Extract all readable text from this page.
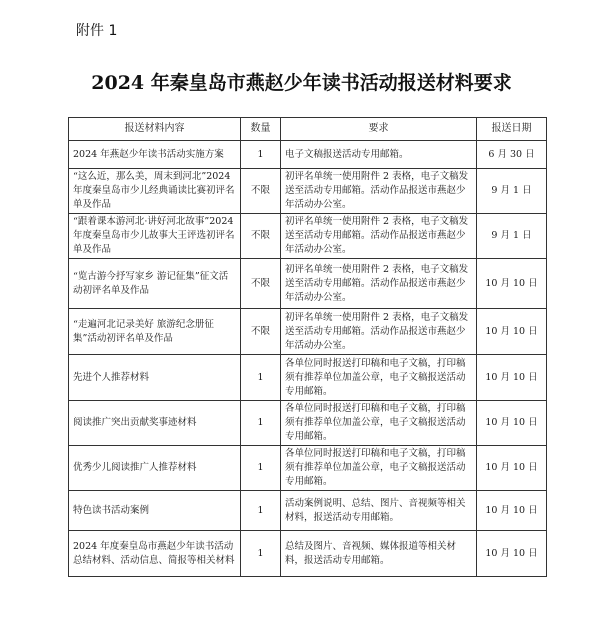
附件 1
2024 年秦皇岛市燕赵少年读书活动报送材料要求
报送材料内容	数量	要求	报送日期
2024 年燕赵少年读书活动实施方案	1	电子文稿报送活动专用邮箱。	6 月 30 日
“这么近，那么美，周末到河北”2024 年度秦皇岛市少儿经典诵读比赛初评名单及作品	不限	初评名单统一使用附件 2 表格，电子文稿发送至活动专用邮箱。活动作品报送市燕赵少年活动办公室。	9 月 1 日
“跟着课本游河北·讲好河北故事”2024 年度秦皇岛市少儿故事大王评选初评名单及作品	不限	初评名单统一使用附件 2 表格，电子文稿发送至活动专用邮箱。活动作品报送市燕赵少年活动办公室。	9 月 1 日
“览古游今抒写家乡 游记征集”征文活动初评名单及作品	不限	初评名单统一使用附件 2 表格，电子文稿发送至活动专用邮箱。活动作品报送市燕赵少年活动办公室。	10 月 10 日
“走遍河北记录美好 旅游纪念册征集”活动初评名单及作品	不限	初评名单统一使用附件 2 表格，电子文稿发送至活动专用邮箱。活动作品报送市燕赵少年活动办公室。	10 月 10 日
先进个人推荐材料	1	各单位同时报送打印稿和电子文稿，打印稿须有推荐单位加盖公章，电子文稿报送活动专用邮箱。	10 月 10 日
阅读推广突出贡献奖事迹材料	1	各单位同时报送打印稿和电子文稿，打印稿须有推荐单位加盖公章，电子文稿报送活动专用邮箱。	10 月 10 日
优秀少儿阅读推广人推荐材料	1	各单位同时报送打印稿和电子文稿，打印稿须有推荐单位加盖公章，电子文稿报送活动专用邮箱。	10 月 10 日
特色读书活动案例	1	活动案例说明、总结、图片、音视频等相关材料，报送活动专用邮箱。	10 月 10 日
2024 年度秦皇岛市燕赵少年读书活动总结材料、活动信息、简报等相关材料	1	总结及图片、音视频、媒体报道等相关材料，报送活动专用邮箱。	10 月 10 日
